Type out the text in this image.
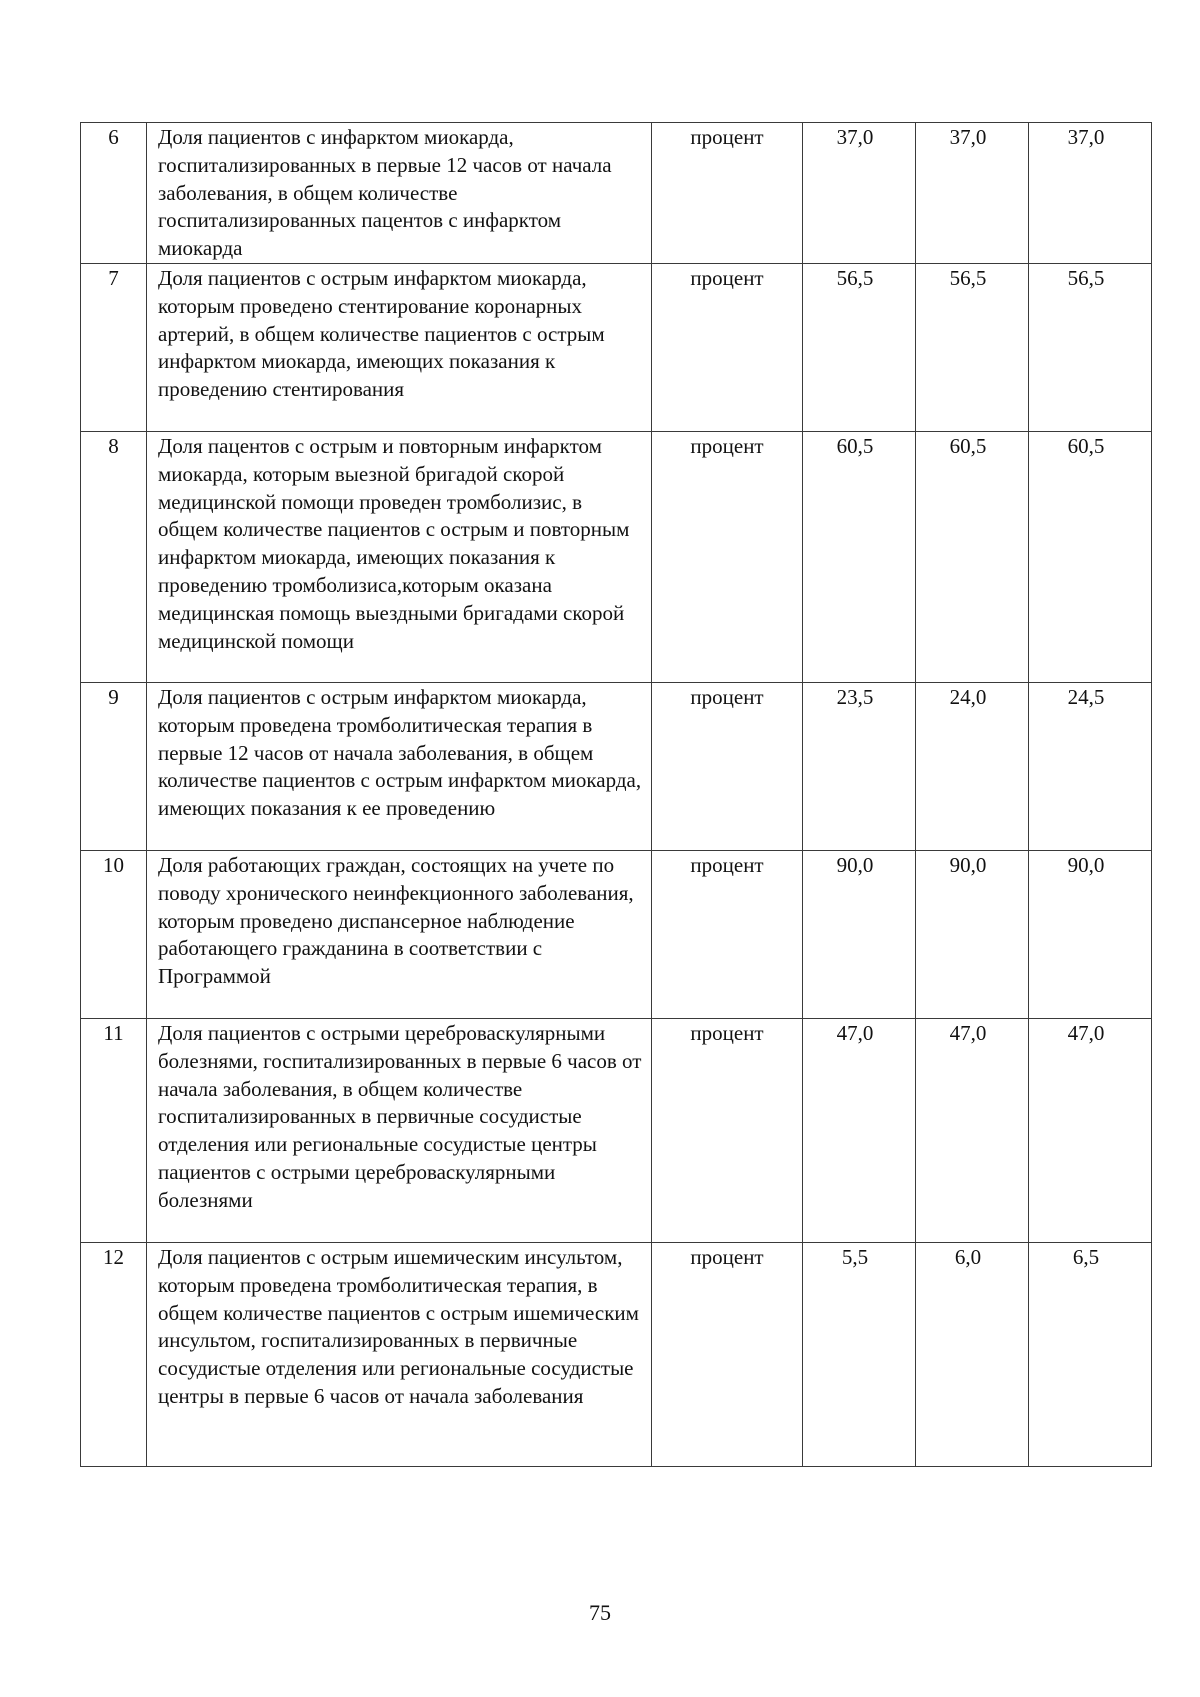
6	Доля пациентов с инфарктом миокарда, госпитализированных в первые 12 часов от начала заболевания, в общем количестве госпитализированных пацентов с инфарктом миокарда	процент	37,0	37,0	37,0
7	Доля пациентов с острым инфарктом миокарда, которым проведено стентирование коронарных артерий, в общем количестве пациентов с острым инфарктом миокарда, имеющих показания к проведению стентирования	процент	56,5	56,5	56,5
8	Доля пацентов с острым и повторным инфарктом миокарда, которым выезной бригадой скорой медицинской помощи проведен тромболизис, в общем количестве пациентов с острым и повторным инфарктом миокарда, имеющих показания к проведению тромболизиса,которым оказана медицинская помощь выездными бригадами скорой медицинской помощи	процент	60,5	60,5	60,5
9	Доля пациентов с острым инфарктом миокарда, которым проведена тромболитическая терапия в первые 12 часов от начала заболевания, в общем количестве пациентов с острым инфарктом миокарда, имеющих показания к ее проведению	процент	23,5	24,0	24,5
10	Доля работающих граждан, состоящих на учете по поводу хронического неинфекционного заболевания, которым проведено диспансерное наблюдение работающего гражданина в соответствии с Программой	процент	90,0	90,0	90,0
11	Доля пациентов с острыми цереброваскулярными болезнями, госпитализированных в первые 6 часов от начала заболевания, в общем количестве госпитализированных в первичные сосудистые отделения или региональные сосудистые центры пациентов с острыми цереброваскулярными болезнями	процент	47,0	47,0	47,0
12	Доля пациентов с острым ишемическим инсультом, которым проведена тромболитическая терапия, в общем количестве пациентов с острым ишемическим инсультом, госпитализированных в первичные сосудистые отделения или региональные сосудистые центры в первые 6 часов от начала заболевания	процент	5,5	6,0	6,5
75
